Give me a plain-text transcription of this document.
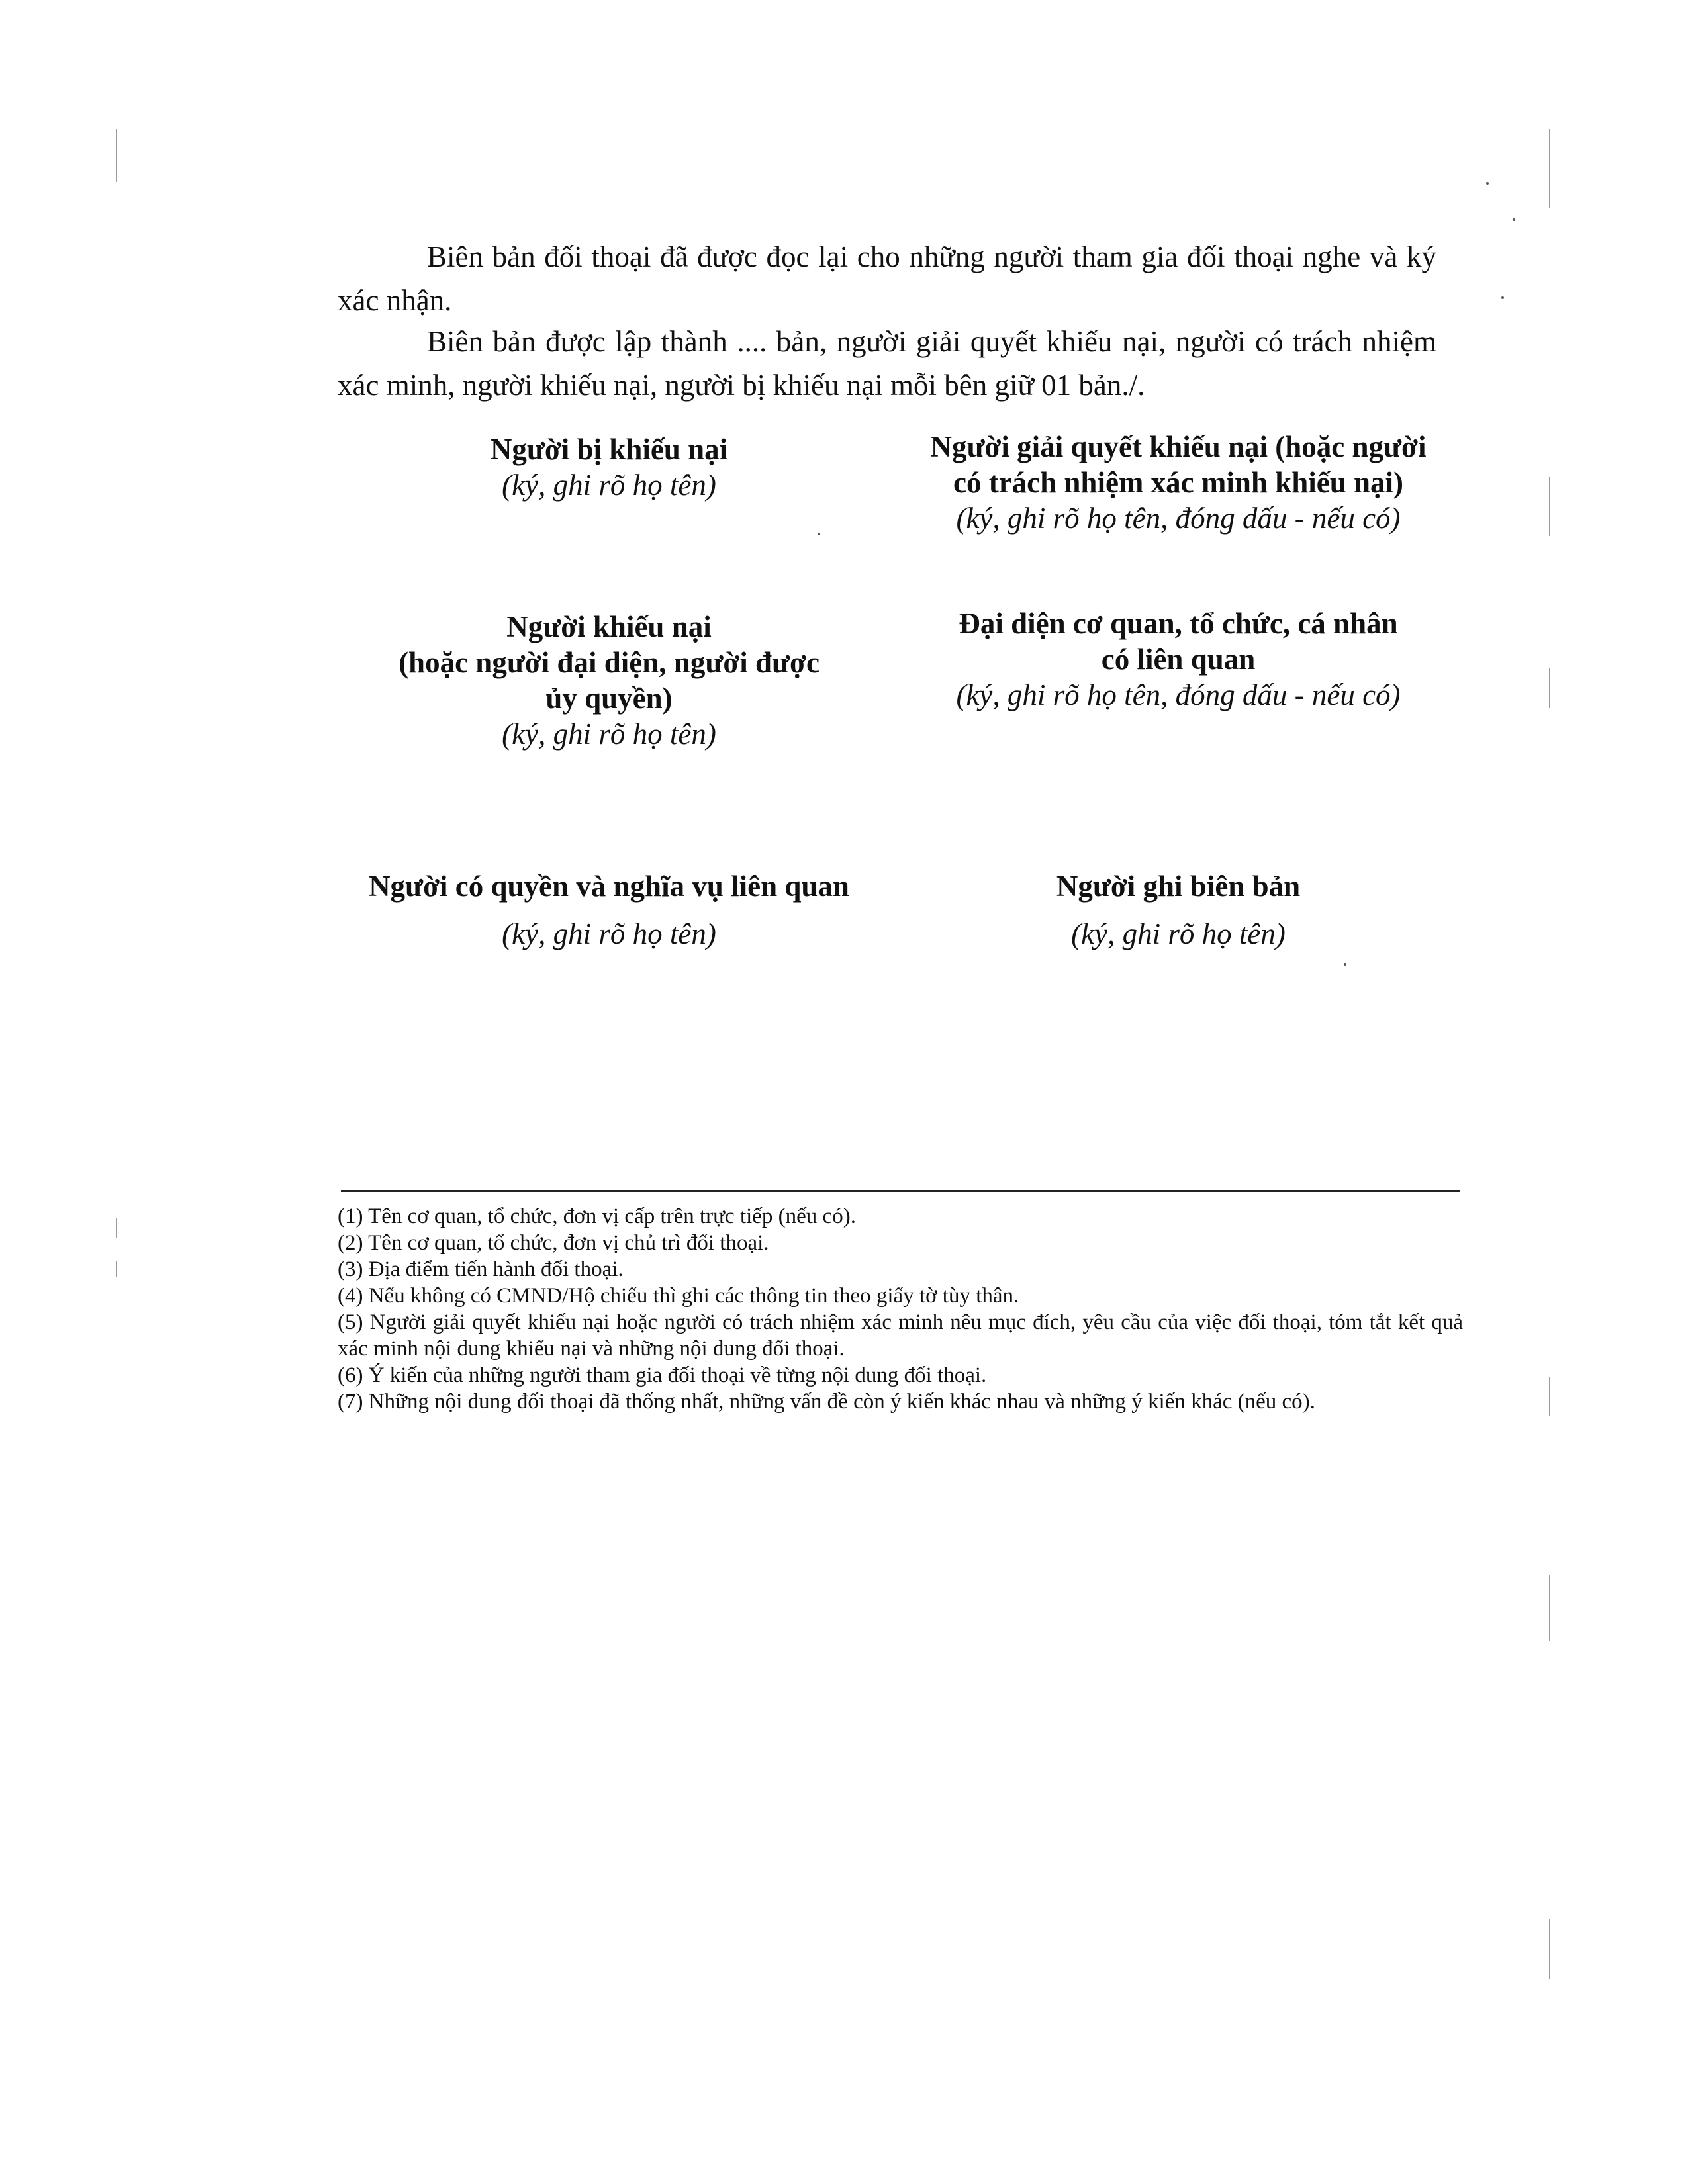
Biên bản đối thoại đã được đọc lại cho những người tham gia đối thoại nghe và ký xác nhận.

Biên bản được lập thành .... bản, người giải quyết khiếu nại, người có trách nhiệm xác minh, người khiếu nại, người bị khiếu nại mỗi bên giữ 01 bản./.

Người bị khiếu nại
(ký, ghi rõ họ tên)
Người giải quyết khiếu nại (hoặc người
có trách nhiệm xác minh khiếu nại)
(ký, ghi rõ họ tên, đóng dấu - nếu có)
Người khiếu nại
(hoặc người đại diện, người được
ủy quyền)
(ký, ghi rõ họ tên)
Đại diện cơ quan, tổ chức, cá nhân
có liên quan
(ký, ghi rõ họ tên, đóng dấu - nếu có)
Người có quyền và nghĩa vụ liên quan
(ký, ghi rõ họ tên)
Người ghi biên bản
(ký, ghi rõ họ tên)
(1) Tên cơ quan, tổ chức, đơn vị cấp trên trực tiếp (nếu có).
(2) Tên cơ quan, tổ chức, đơn vị chủ trì đối thoại.
(3) Địa điểm tiến hành đối thoại.
(4) Nếu không có CMND/Hộ chiếu thì ghi các thông tin theo giấy tờ tùy thân.
(5) Người giải quyết khiếu nại hoặc người có trách nhiệm xác minh nêu mục đích, yêu cầu của việc đối thoại, tóm tắt kết quả xác minh nội dung khiếu nại và những nội dung đối thoại.
(6) Ý kiến của những người tham gia đối thoại về từng nội dung đối thoại.
(7) Những nội dung đối thoại đã thống nhất, những vấn đề còn ý kiến khác nhau và những ý kiến khác (nếu có).
